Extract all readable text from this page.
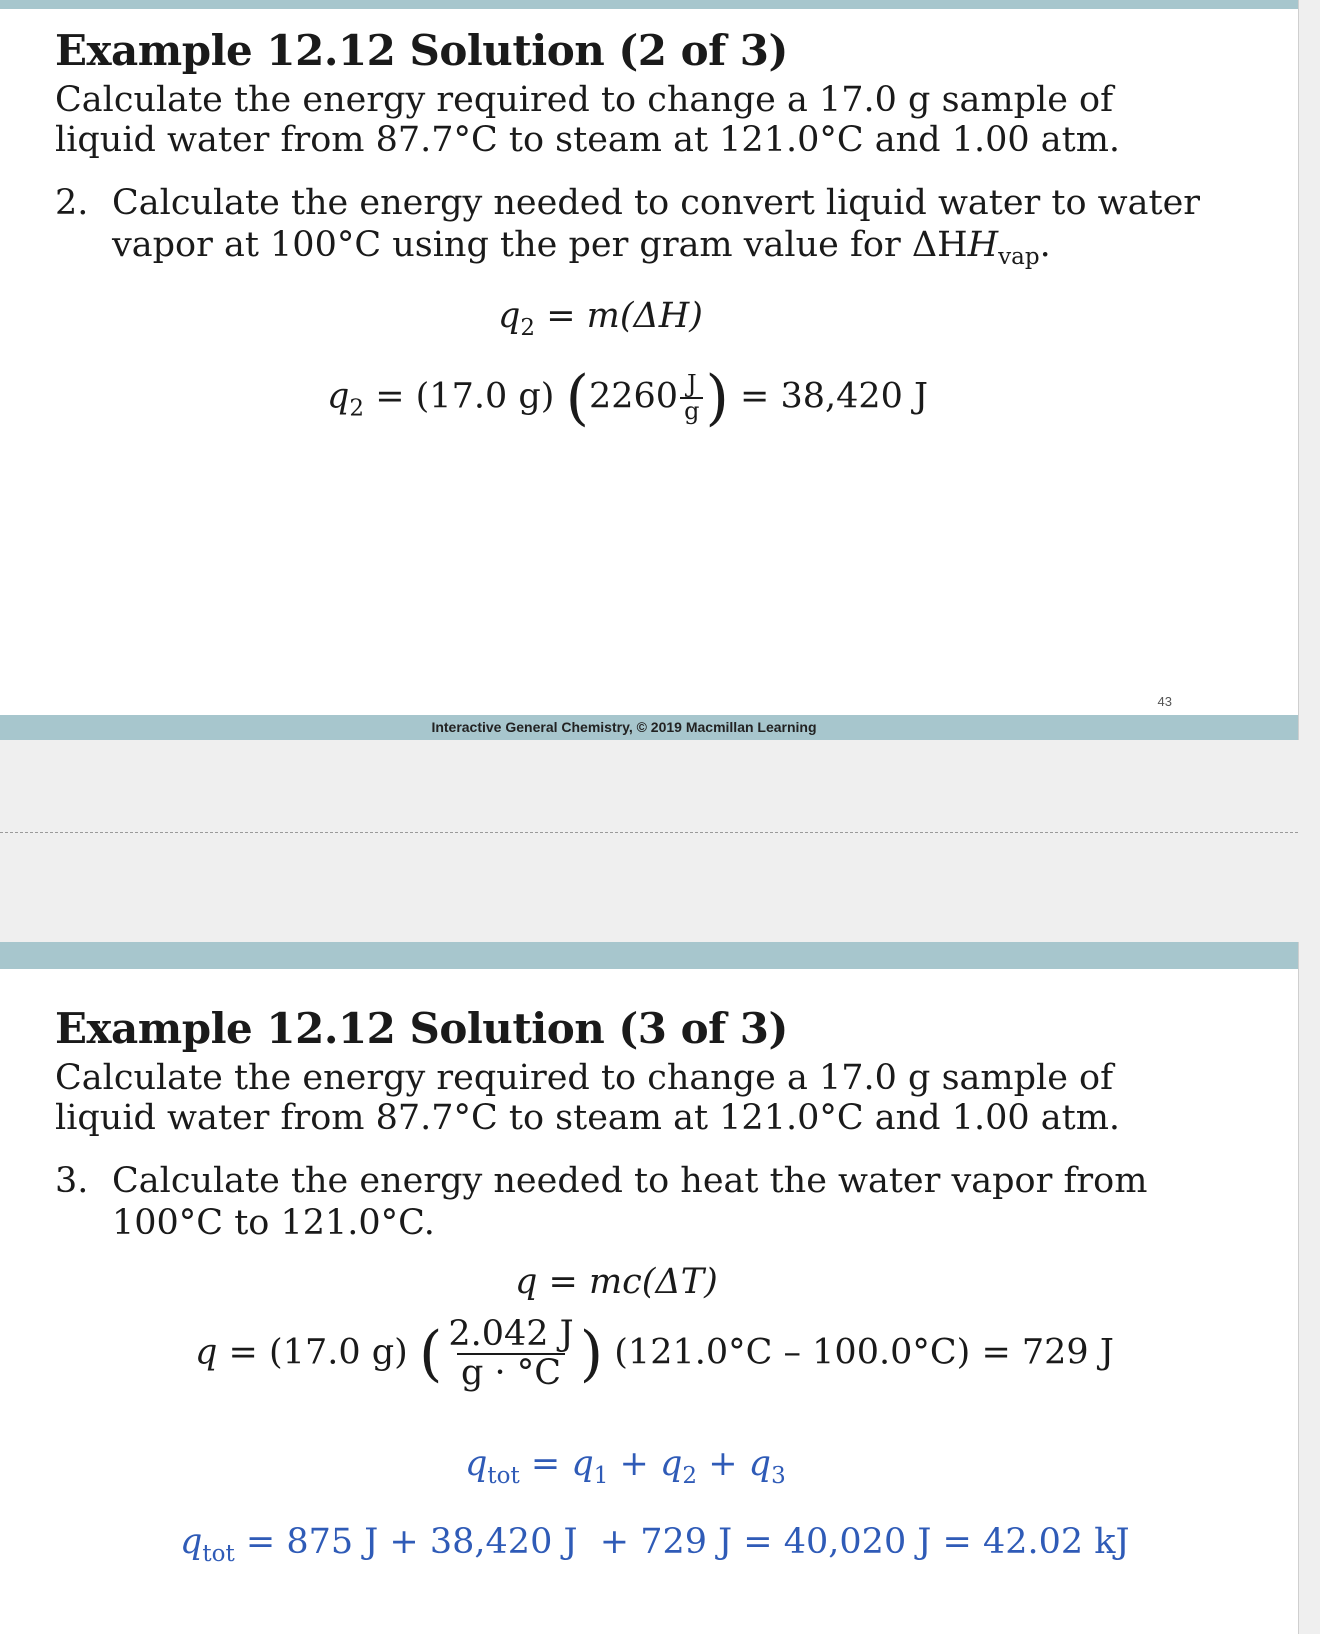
Example 12.12 Solution (2 of 3)

Calculate the energy required to change a 17.0 g sample of liquid water from 87.7°C to steam at 121.0°C and 1.00 atm.

2. Calculate the energy needed to convert liquid water to water vapor at 100°C using the per gram value for $\Delta HH_{vap}$.
$q_2 = m(\Delta H)$
$q_2 = (17.0$ g) ($2260 \frac{J}{g}$ ) = 38,420 J
43
Interactive General Chemistry, © 2019 Macmillan Learning
Example 12.12 Solution (3 of 3)

Calculate the energy required to change a 17.0 g sample of liquid water from 87.7°C to steam at 121.0°C and 1.00 atm.

3. Calculate the energy needed to heat the water vapor from 100°C to 121.0°C.
q = mc(ΔT)
q = (17.0 g) ( $\frac{2.042 J}{g \cdot ^\circ C}$ ) (121.0°C – 100.0°C) = 729 J
$q_{tot} = q_1 + q_2 + q_3$
$q_{tot} = 875$ J + 38,420 J  + 729 J = 40,020 J = 42.02 kJ
